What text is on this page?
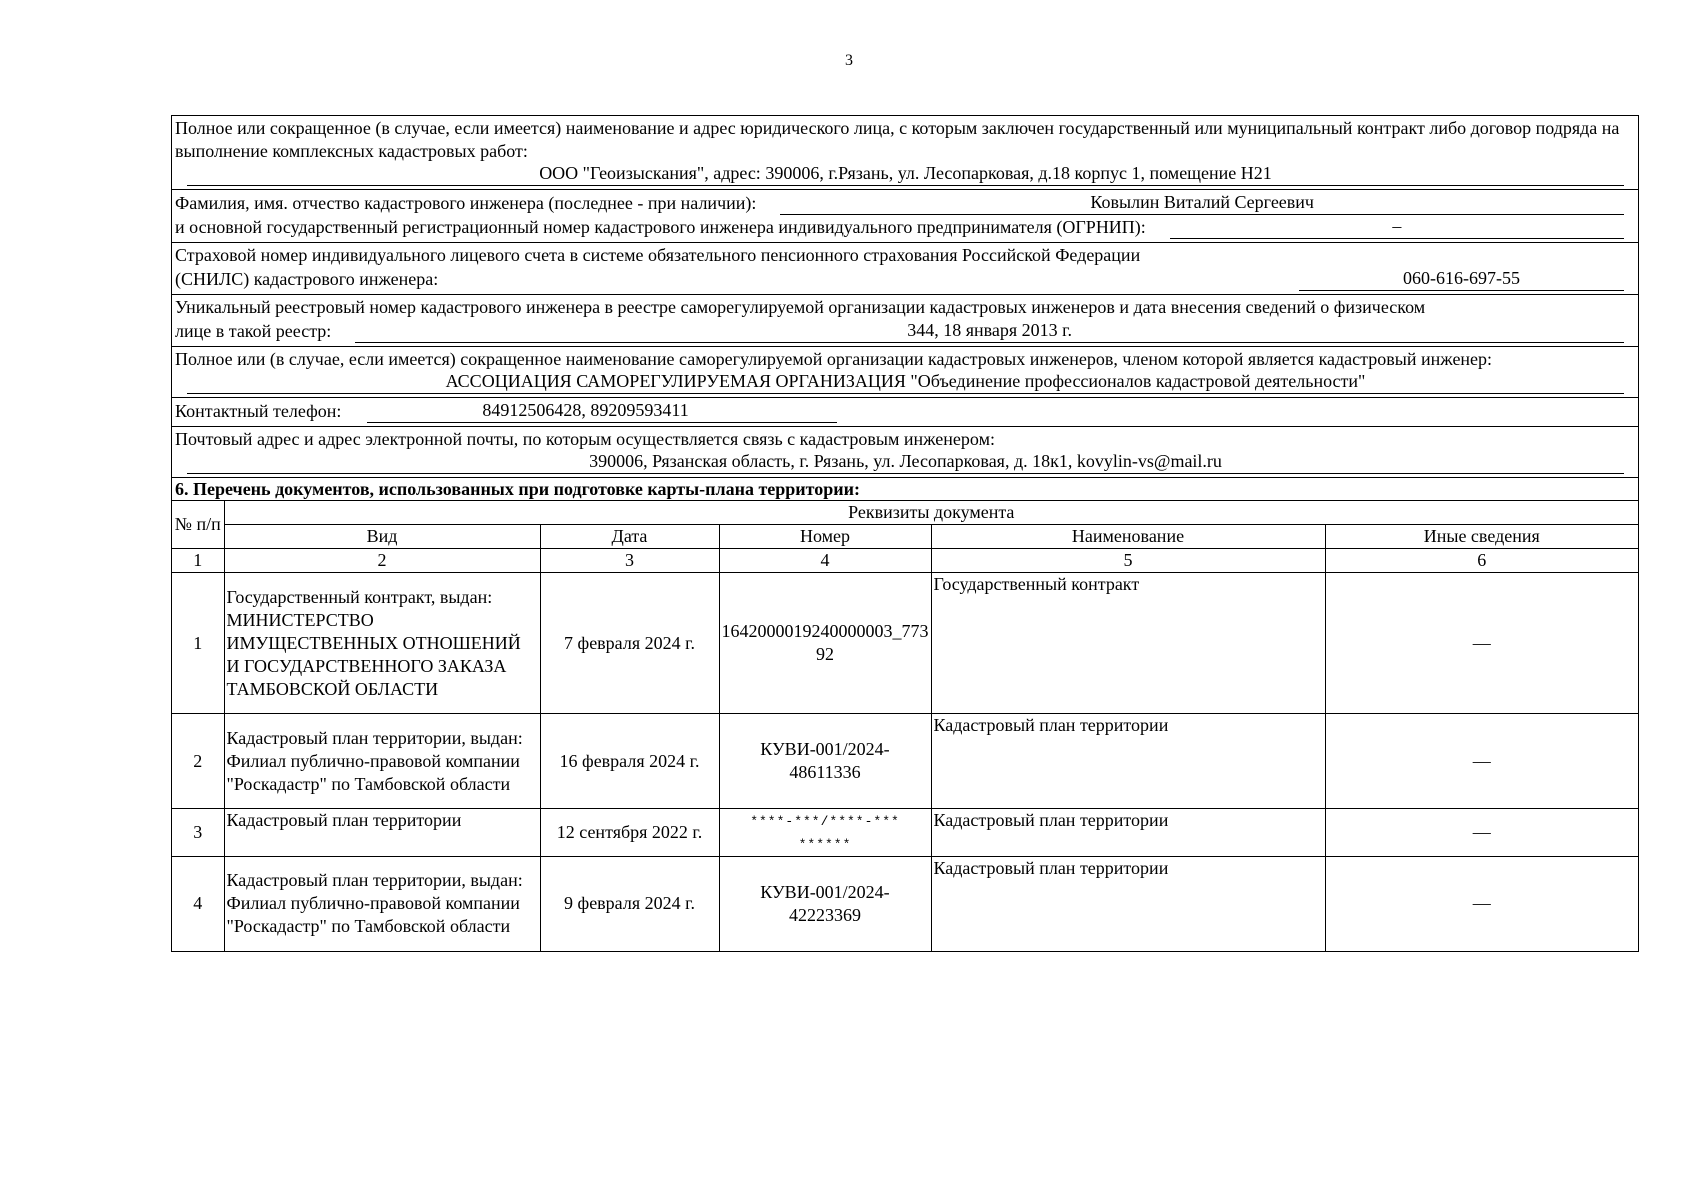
3
Полное или сокращенное (в случае, если имеется) наименование и адрес юридического лица, с которым заключен государственный или муниципальный контракт либо договор подряда на выполнение комплексных кадастровых работ:
ООО "Геоизыскания", адрес: 390006, г.Рязань, ул. Лесопарковая, д.18 корпус 1, помещение Н21
Фамилия, имя. отчество кадастрового инженера (последнее - при наличии):	Ковылин Виталий Сергеевич
и основной государственный регистрационный номер кадастрового инженера индивидуального предпринимателя (ОГРНИП):	–
Страховой номер индивидуального лицевого счета в системе обязательного пенсионного страхования Российской Федерации
(СНИЛС) кадастрового инженера:	060-616-697-55
Уникальный реестровый номер кадастрового инженера в реестре саморегулируемой организации кадастровых инженеров и дата внесения сведений о физическом
лице в такой реестр:	344, 18 января 2013 г.
Полное или (в случае, если имеется) сокращенное наименование саморегулируемой организации кадастровых инженеров, членом которой является кадастровый инженер:
АССОЦИАЦИЯ САМОРЕГУЛИРУЕМАЯ ОРГАНИЗАЦИЯ "Объединение профессионалов кадастровой деятельности"
Контактный телефон:	84912506428, 89209593411
Почтовый адрес и адрес электронной почты, по которым осуществляется связь с кадастровым инженером:
390006, Рязанская область, г. Рязань, ул. Лесопарковая, д. 18к1, kovylin-vs@mail.ru
6. Перечень документов, использованных при подготовке карты-плана территории:
№ п/п	Реквизиты документа				
	Вид	Дата	Номер	Наименование	Иные сведения
1	2	3	4	5	6
1	Государственный контракт, выдан: МИНИСТЕРСТВО ИМУЩЕСТВЕННЫХ ОТНОШЕНИЙ И ГОСУДАРСТВЕННОГО ЗАКАЗА ТАМБОВСКОЙ ОБЛАСТИ	7 февраля 2024 г.	1642000019240000003_77392	Государственный контракт	—
2	Кадастровый план территории, выдан: Филиал публично-правовой компании "Роскадастр" по Тамбовской области	16 февраля 2024 г.	КУВИ-001/2024-48611336	Кадастровый план территории	—
3	Кадастровый план территории	12 сентября 2022 г.	****-***/****-*********	Кадастровый план территории	—
4	Кадастровый план территории, выдан: Филиал публично-правовой компании "Роскадастр" по Тамбовской области	9 февраля 2024 г.	КУВИ-001/2024-42223369	Кадастровый план территории	—
